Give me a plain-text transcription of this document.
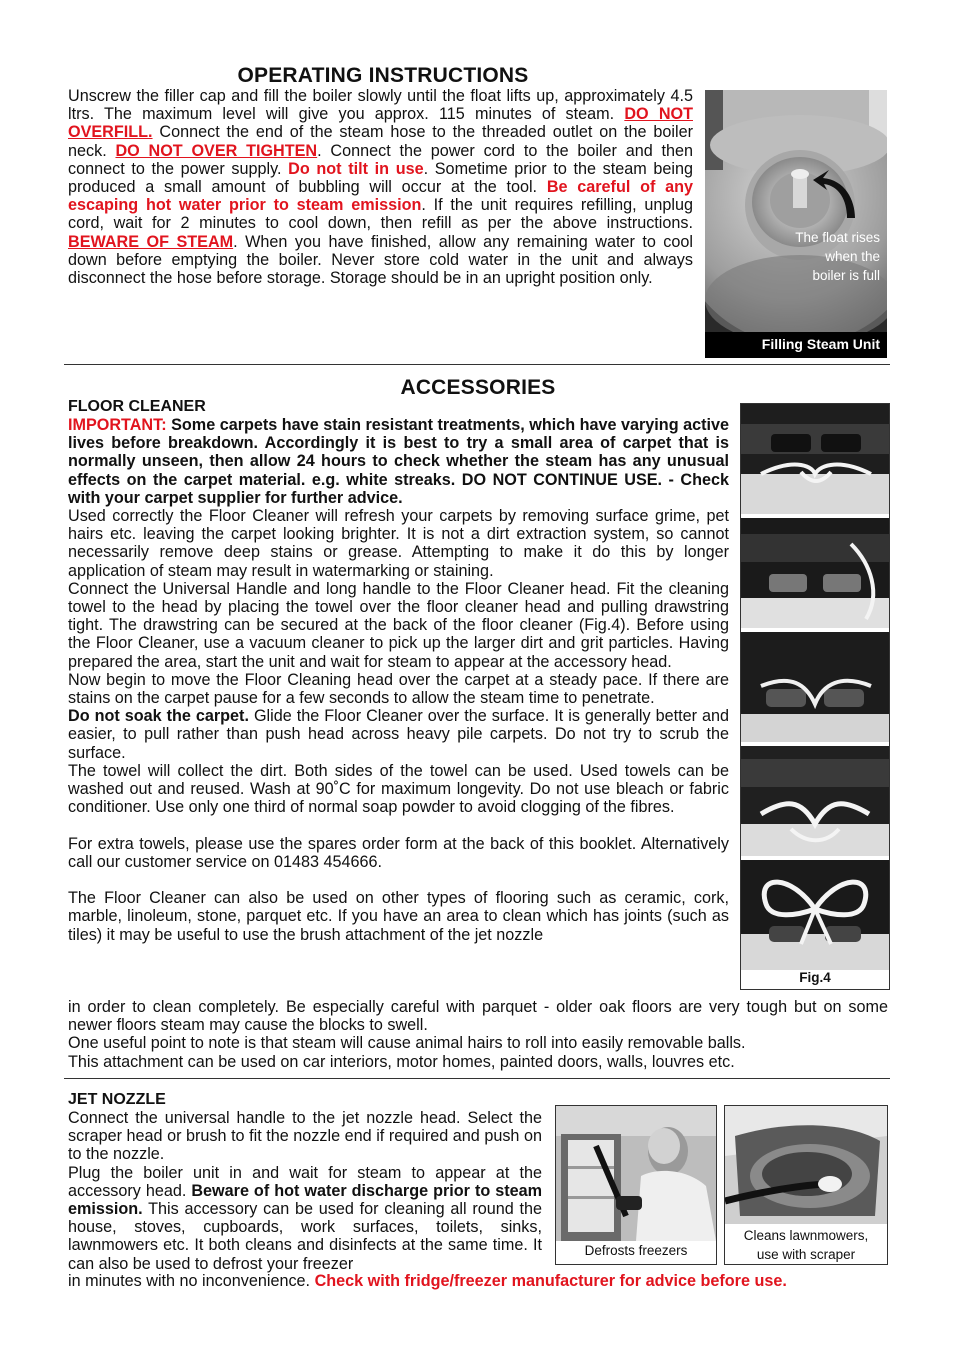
OPERATING INSTRUCTIONS
Unscrew the filler cap and fill the boiler slowly until the float lifts up, approximately 4.5 ltrs. The maximum level will give you approx. 115 minutes of steam. DO NOT OVERFILL. Connect the end of the steam hose to the threaded outlet on the boiler neck. DO NOT OVER TIGHTEN. Connect the power cord to the boiler and then connect to the power supply. Do not tilt in use. Sometime prior to the steam being produced a small amount of bubbling will occur at the tool. Be careful of any escaping hot water prior to steam emission. If the unit requires refilling, unplug cord, wait for 2 minutes to cool down, then refill as per the above instructions. BEWARE OF STEAM. When you have finished, allow any remaining water to cool down before emptying the boiler. Never store cold water in the unit and always disconnect the hose before storage. Storage should be in an upright position only.
The float rises when the boiler is full
Filling Steam Unit
ACCESSORIES
FLOOR CLEANER

IMPORTANT: Some carpets have stain resistant treatments, which have varying active lives before breakdown. Accordingly it is best to try a small area of carpet that is normally unseen, then allow 24 hours to check whether the steam has any unusual effects on the carpet material. e.g. white streaks. DO NOT CONTINUE USE. - Check with your carpet supplier for further advice.

Used correctly the Floor Cleaner will refresh your carpets by removing surface grime, pet hairs etc. leaving the carpet looking brighter. It is not a dirt extraction system, so cannot necessarily remove deep stains or grease. Attempting to make it do this by longer application of steam may result in watermarking or staining.

Connect the Universal Handle and long handle to the Floor Cleaner head. Fit the cleaning towel to the head by placing the towel over the floor cleaner head and pulling drawstring tight. The drawstring can be secured at the back of the floor cleaner (Fig.4). Before using the Floor Cleaner, use a vacuum cleaner to pick up the larger dirt and grit particles. Having prepared the area, start the unit and wait for steam to appear at the accessory head.

Now begin to move the Floor Cleaning head over the carpet at a steady pace. If there are stains on the carpet pause for a few seconds to allow the steam time to penetrate.

Do not soak the carpet. Glide the Floor Cleaner over the surface. It is generally better and easier, to pull rather than push head across heavy pile carpets. Do not try to scrub the surface.

The towel will collect the dirt. Both sides of the towel can be used. Used towels can be washed out and reused. Wash at 90˚C for maximum longevity. Do not use bleach or fabric conditioner. Use only one third of normal soap powder to avoid clogging of the fibres.

For extra towels, please use the spares order form at the back of this booklet. Alternatively call our customer service on 01483 454666.

The Floor Cleaner can also be used on other types of flooring such as ceramic, cork, marble, linoleum, stone, parquet etc. If you have an area to clean which has joints (such as tiles) it may be useful to use the brush attachment of the jet nozzle

in order to clean completely. Be especially careful with parquet - older oak floors are very tough but on some newer floors steam may cause the blocks to swell.

One useful point to note is that steam will cause animal hairs to roll into easily removable balls.

This attachment can be used on car interiors, motor homes, painted doors, walls, louvres etc.

Fig.4
JET NOZZLE

Connect the universal handle to the jet nozzle head. Select the scraper head or brush to fit the nozzle end if required and push on to the nozzle.

Plug the boiler unit in and wait for steam to appear at the accessory head. Beware of hot water discharge prior to steam emission. This accessory can be used for cleaning all round the house, stoves, cupboards, work surfaces, toilets, sinks, lawnmowers etc. It both cleans and disinfects at the same time. It can also be used to defrost your freezer

in minutes with no inconvenience. Check with fridge/freezer manufacturer for advice before use.
Defrosts freezers
Cleans lawnmowers,
use with scraper
